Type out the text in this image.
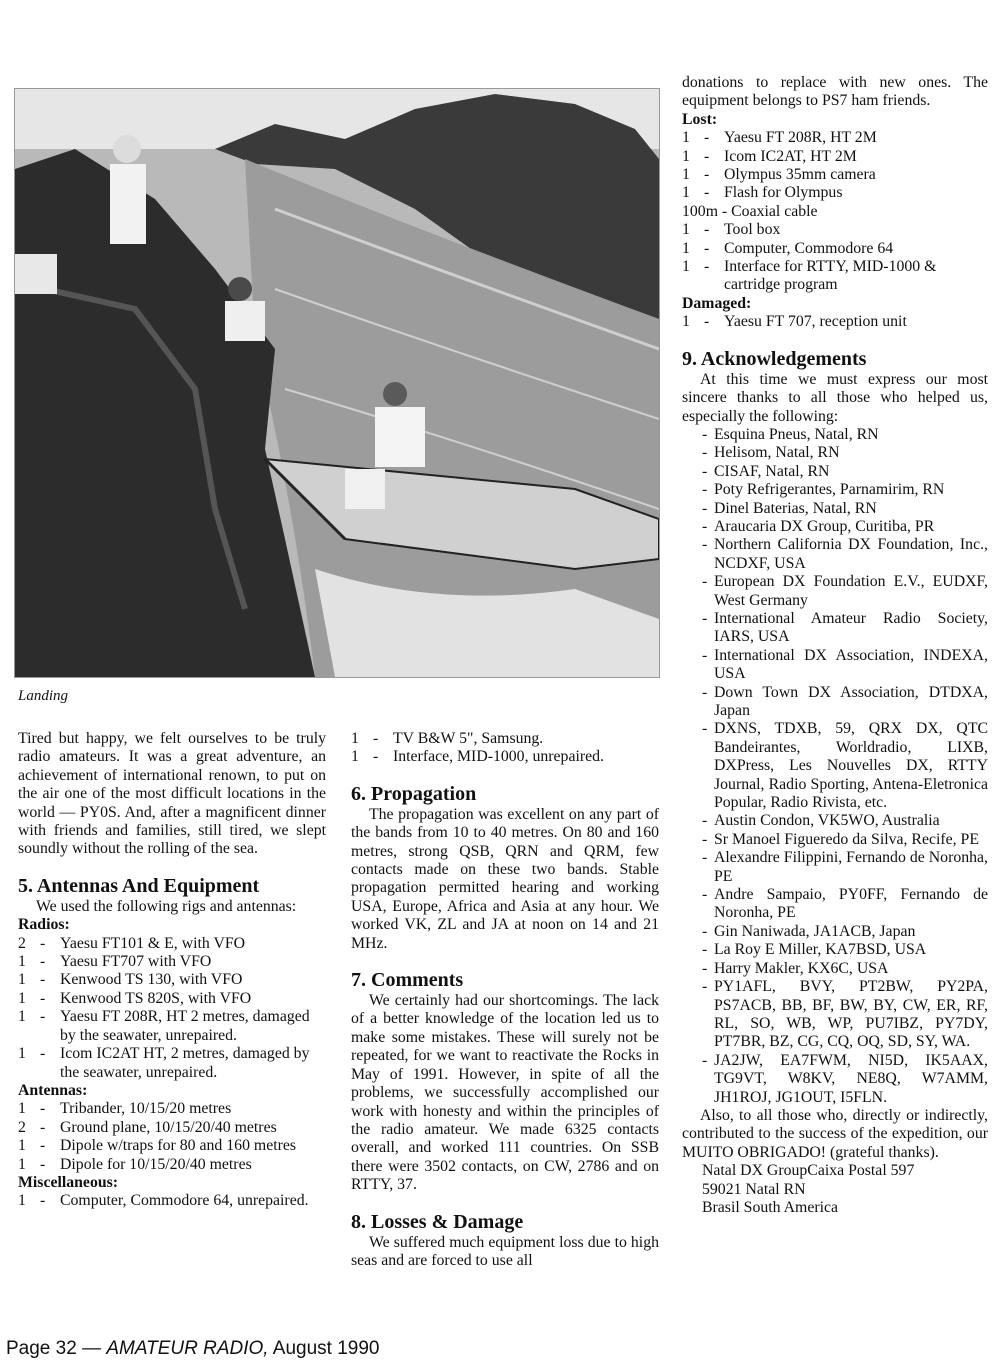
Landing

Tired but happy, we felt ourselves to be truly radio amateurs. It was a great adventure, an achievement of international renown, to put on the air one of the most difficult locations in the world — PY0S. And, after a magnificent dinner with friends and families, still tired, we slept soundly without the rolling of the sea.

5. Antennas And Equipment

We used the following rigs and antennas:

Radios:
2 - Yaesu FT101 & E, with VFO
1 - Yaesu FT707 with VFO
1 - Kenwood TS 130, with VFO
1 - Kenwood TS 820S, with VFO
1 - Yaesu FT 208R, HT 2 metres, damaged by the seawater, unrepaired.
1 - Icom IC2AT HT, 2 metres, damaged by the seawater, unrepaired.
Antennas:
1 - Tribander, 10/15/20 metres
2 - Ground plane, 10/15/20/40 metres
1 - Dipole w/traps for 80 and 160 metres
1 - Dipole for 10/15/20/40 metres
Miscellaneous:
1 - Computer, Commodore 64, unrepaired.
1 - TV B&W 5", Samsung.
1 - Interface, MID-1000, unrepaired.
6. Propagation

The propagation was excellent on any part of the bands from 10 to 40 metres. On 80 and 160 metres, strong QSB, QRN and QRM, few contacts made on these two bands. Stable propagation permitted hearing and working USA, Europe, Africa and Asia at any hour. We worked VK, ZL and JA at noon on 14 and 21 MHz.

7. Comments

We certainly had our shortcomings. The lack of a better knowledge of the location led us to make some mistakes. These will surely not be repeated, for we want to reactivate the Rocks in May of 1991. However, in spite of all the problems, we successfully accomplished our work with honesty and within the principles of the radio amateur. We made 6325 contacts overall, and worked 111 countries. On SSB there were 3502 contacts, on CW, 2786 and on RTTY, 37.

8. Losses & Damage

We suffered much equipment loss due to high seas and are forced to use all

donations to replace with new ones. The equipment belongs to PS7 ham friends.

Lost:
1 - Yaesu FT 208R, HT 2M
1 - Icom IC2AT, HT 2M
1 - Olympus 35mm camera
1 - Flash for Olympus

100m - Coaxial cable

1 - Tool box
1 - Computer, Commodore 64
1 - Interface for RTTY, MID-1000 & cartridge program
Damaged:
1 - Yaesu FT 707, reception unit
9. Acknowledgements

At this time we must express our most sincere thanks to all those who helped us, especially the following:

- Esquina Pneus, Natal, RN
- Helisom, Natal, RN
- CISAF, Natal, RN
- Poty Refrigerantes, Parnamirim, RN
- Dinel Baterias, Natal, RN
- Araucaria DX Group, Curitiba, PR
- Northern California DX Foundation, Inc., NCDXF, USA
- European DX Foundation E.V., EUDXF, West Germany
- International Amateur Radio Society, IARS, USA
- International DX Association, INDEXA, USA
- Down Town DX Association, DTDXA, Japan
- DXNS, TDXB, 59, QRX DX, QTC Bandeirantes, Worldradio, LIXB, DXPress, Les Nouvelles DX, RTTY Journal, Radio Sporting, Antena-Eletronica Popular, Radio Rivista, etc.
- Austin Condon, VK5WO, Australia
- Sr Manoel Figueredo da Silva, Recife, PE
- Alexandre Filippini, Fernando de Noronha, PE
- Andre Sampaio, PY0FF, Fernando de Noronha, PE
- Gin Naniwada, JA1ACB, Japan
- La Roy E Miller, KA7BSD, USA
- Harry Makler, KX6C, USA
- PY1AFL, BVY, PT2BW, PY2PA, PS7ACB, BB, BF, BW, BY, CW, ER, RF, RL, SO, WB, WP, PU7IBZ, PY7DY, PT7BR, BZ, CG, CQ, OQ, SD, SY, WA.
- JA2JW, EA7FWM, NI5D, IK5AAX, TG9VT, W8KV, NE8Q, W7AMM, JH1ROJ, JG1OUT, I5FLN.

Also, to all those who, directly or indirectly, contributed to the success of the expedition, our MUITO OBRIGADO! (grateful thanks).

Natal DX GroupCaixa Postal 597

59021 Natal RN

Brasil South America

Page 32 — AMATEUR RADIO, August 1990
